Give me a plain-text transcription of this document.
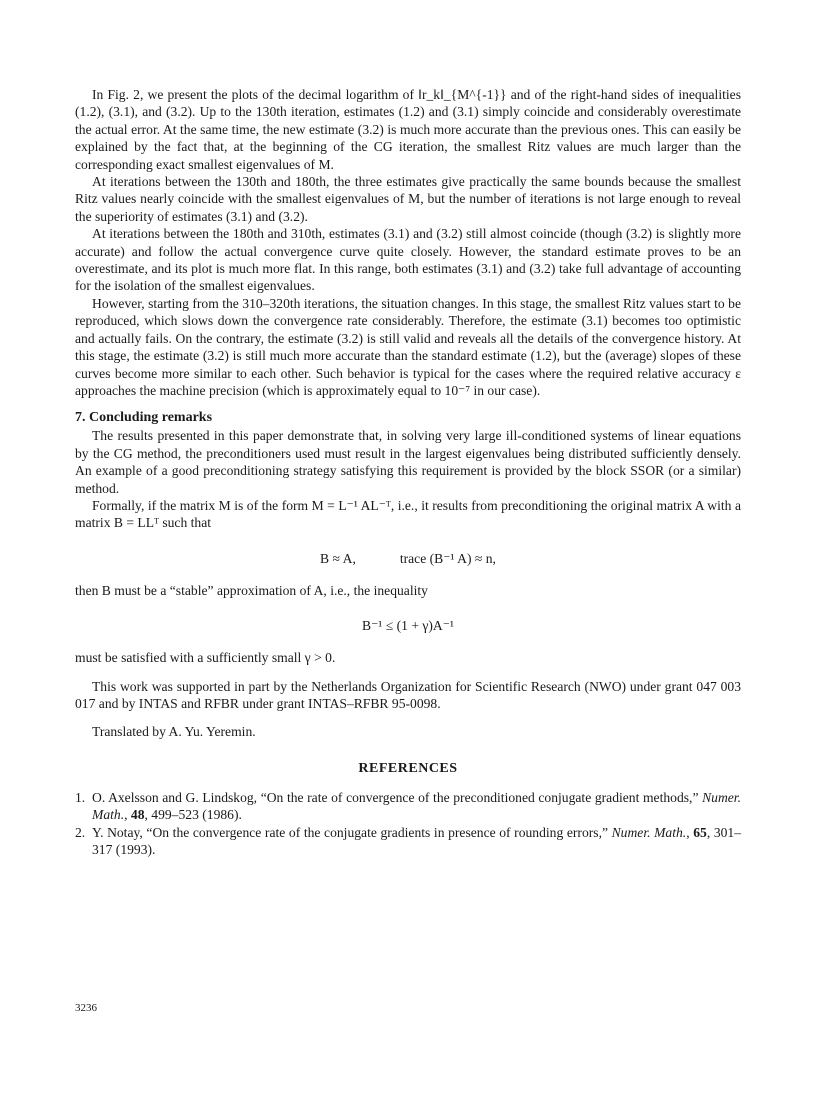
In Fig. 2, we present the plots of the decimal logarithm of ‖r_k‖_{M^{-1}} and of the right-hand sides of inequalities (1.2), (3.1), and (3.2). Up to the 130th iteration, estimates (1.2) and (3.1) simply coincide and considerably overestimate the actual error. At the same time, the new estimate (3.2) is much more accurate than the previous ones. This can easily be explained by the fact that, at the beginning of the CG iteration, the smallest Ritz values are much larger than the corresponding exact smallest eigenvalues of M.

At iterations between the 130th and 180th, the three estimates give practically the same bounds because the smallest Ritz values nearly coincide with the smallest eigenvalues of M, but the number of iterations is not large enough to reveal the superiority of estimates (3.1) and (3.2).

At iterations between the 180th and 310th, estimates (3.1) and (3.2) still almost coincide (though (3.2) is slightly more accurate) and follow the actual convergence curve quite closely. However, the standard estimate proves to be an overestimate, and its plot is much more flat. In this range, both estimates (3.1) and (3.2) take full advantage of accounting for the isolation of the smallest eigenvalues.

However, starting from the 310–320th iterations, the situation changes. In this stage, the smallest Ritz values start to be reproduced, which slows down the convergence rate considerably. Therefore, the estimate (3.1) becomes too optimistic and actually fails. On the contrary, the estimate (3.2) is still valid and reveals all the details of the convergence history. At this stage, the estimate (3.2) is still much more accurate than the standard estimate (1.2), but the (average) slopes of these curves become more similar to each other. Such behavior is typical for the cases where the required relative accuracy ε approaches the machine precision (which is approximately equal to 10⁻⁷ in our case).

7. Concluding remarks

The results presented in this paper demonstrate that, in solving very large ill-conditioned systems of linear equations by the CG method, the preconditioners used must result in the largest eigenvalues being distributed sufficiently densely. An example of a good preconditioning strategy satisfying this requirement is provided by the block SSOR (or a similar) method.

Formally, if the matrix M is of the form M = L⁻¹ AL⁻ᵀ, i.e., it results from preconditioning the original matrix A with a matrix B = LLᵀ such that

B ≈ A,	trace (B⁻¹ A) ≈ n,

then B must be a “stable” approximation of A, i.e., the inequality

B⁻¹ ≤ (1 + γ)A⁻¹

must be satisfied with a sufficiently small γ > 0.

This work was supported in part by the Netherlands Organization for Scientific Research (NWO) under grant 047 003 017 and by INTAS and RFBR under grant INTAS–RFBR 95-0098.

Translated by A. Yu. Yeremin.

REFERENCES
1. O. Axelsson and G. Lindskog, “On the rate of convergence of the preconditioned conjugate gradient methods,” Numer. Math., 48, 499–523 (1986).
2. Y. Notay, “On the convergence rate of the conjugate gradients in presence of rounding errors,” Numer. Math., 65, 301–317 (1993).
3236
